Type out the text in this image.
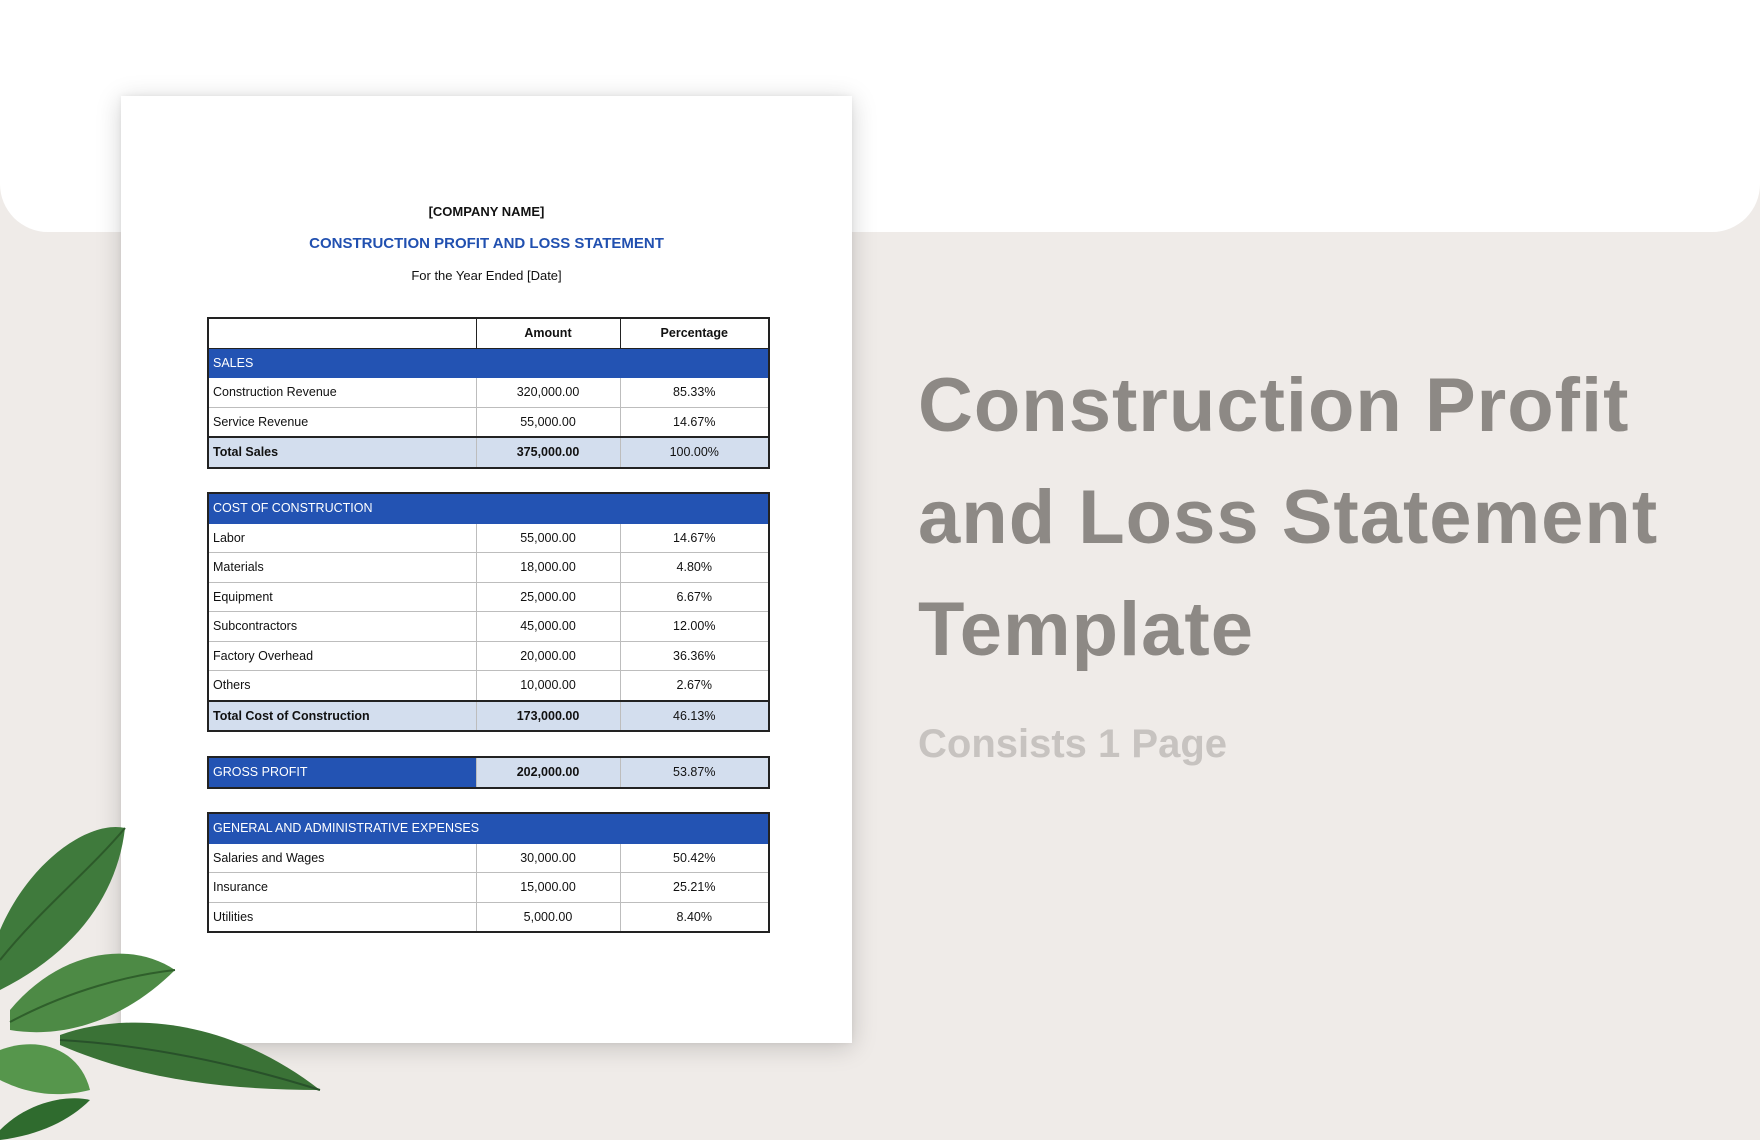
[COMPANY NAME]
CONSTRUCTION PROFIT AND LOSS STATEMENT
For the Year Ended [Date]
	Amount	Percentage
SALES		
Construction Revenue	320,000.00	85.33%
Service Revenue	55,000.00	14.67%
Total Sales	375,000.00	100.00%
COST OF CONSTRUCTION		
Labor	55,000.00	14.67%
Materials	18,000.00	4.80%
Equipment	25,000.00	6.67%
Subcontractors	45,000.00	12.00%
Factory Overhead	20,000.00	36.36%
Others	10,000.00	2.67%
Total Cost of Construction	173,000.00	46.13%
GROSS PROFIT	202,000.00	53.87%
GENERAL AND ADMINISTRATIVE EXPENSES		
Salaries and Wages	30,000.00	50.42%
Insurance	15,000.00	25.21%
Utilities	5,000.00	8.40%
Construction Profit
and Loss Statement
Template
Consists 1 Page
